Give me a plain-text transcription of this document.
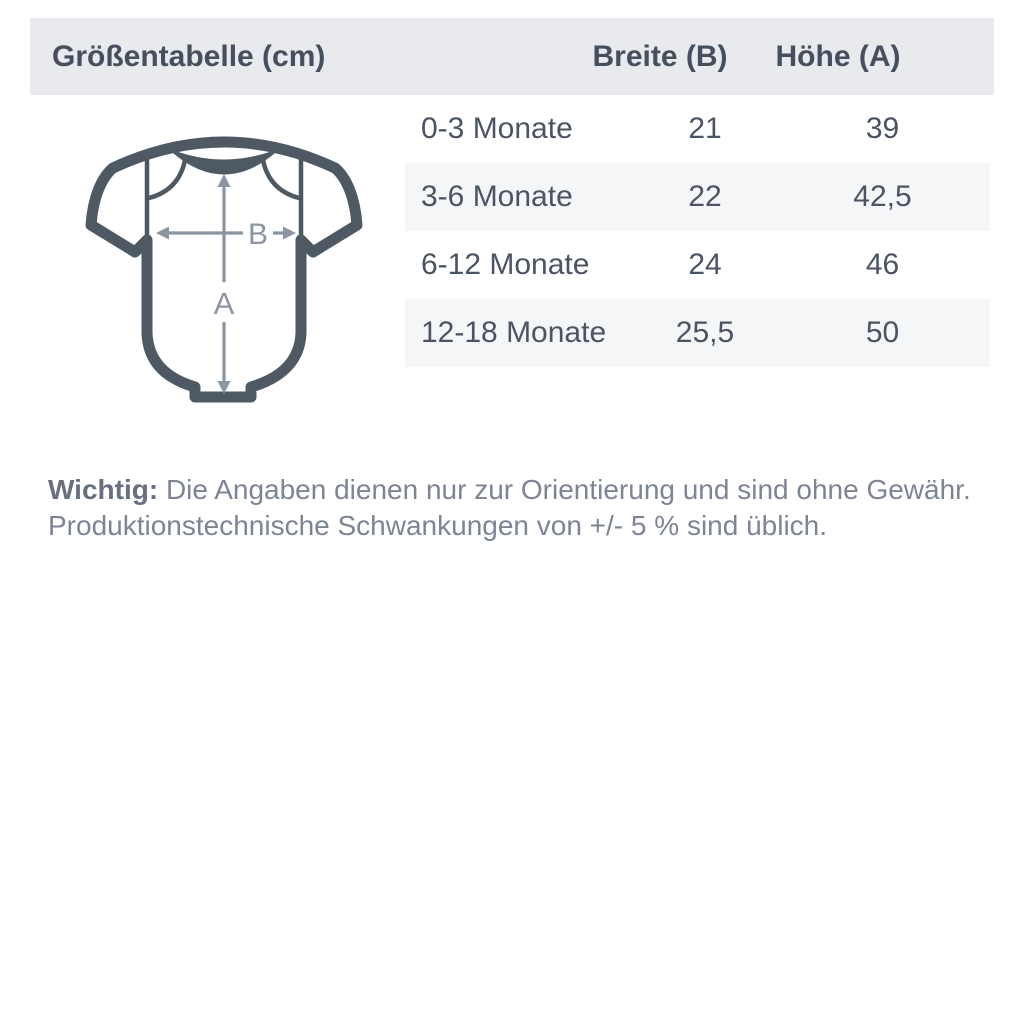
Größentabelle (cm)	Breite (B)	Höhe (A)
0-3 Monate	21	39
3-6 Monate	22	42,5
6-12 Monate	24	46
12-18 Monate	25,5	50
A
B

Wichtig: Die Angaben dienen nur zur Orientierung und sind ohne Gewähr.
Produktionstechnische Schwankungen von +/- 5 % sind üblich.
